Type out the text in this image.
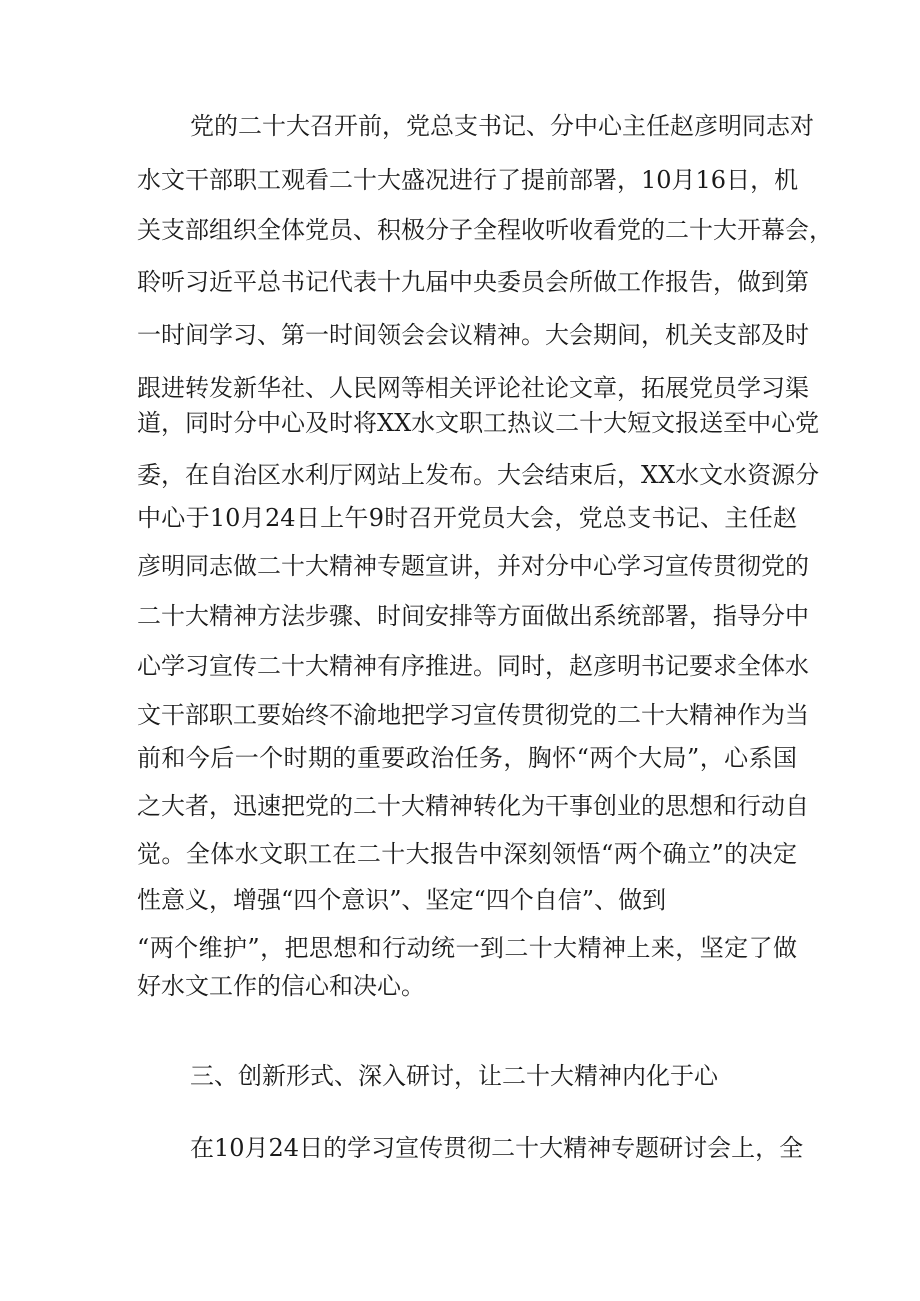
党的二十大召开前，党总支书记、分中心主任赵彦明同志对
水文干部职工观看二十大盛况进行了提前部署，10月16日，机
关支部组织全体党员、积极分子全程收听收看党的二十大开幕会，
聆听习近平总书记代表十九届中央委员会所做工作报告，做到第
一时间学习、第一时间领会会议精神。大会期间，机关支部及时
跟进转发新华社、人民网等相关评论社论文章，拓展党员学习渠
道，同时分中心及时将XX水文职工热议二十大短文报送至中心党
委，在自治区水利厅网站上发布。大会结束后，XX水文水资源分
中心于10月24日上午9时召开党员大会，党总支书记、主任赵
彦明同志做二十大精神专题宣讲，并对分中心学习宣传贯彻党的
二十大精神方法步骤、时间安排等方面做出系统部署，指导分中
心学习宣传二十大精神有序推进。同时，赵彦明书记要求全体水
文干部职工要始终不渝地把学习宣传贯彻党的二十大精神作为当
前和今后一个时期的重要政治任务，胸怀“两个大局”，心系国
之大者，迅速把党的二十大精神转化为干事创业的思想和行动自
觉。全体水文职工在二十大报告中深刻领悟“两个确立”的决定
性意义，增强“四个意识”、坚定“四个自信”、做到
“两个维护”，把思想和行动统一到二十大精神上来，坚定了做
好水文工作的信心和决心。
三、创新形式、深入研讨，让二十大精神内化于心
在10月24日的学习宣传贯彻二十大精神专题研讨会上，全
